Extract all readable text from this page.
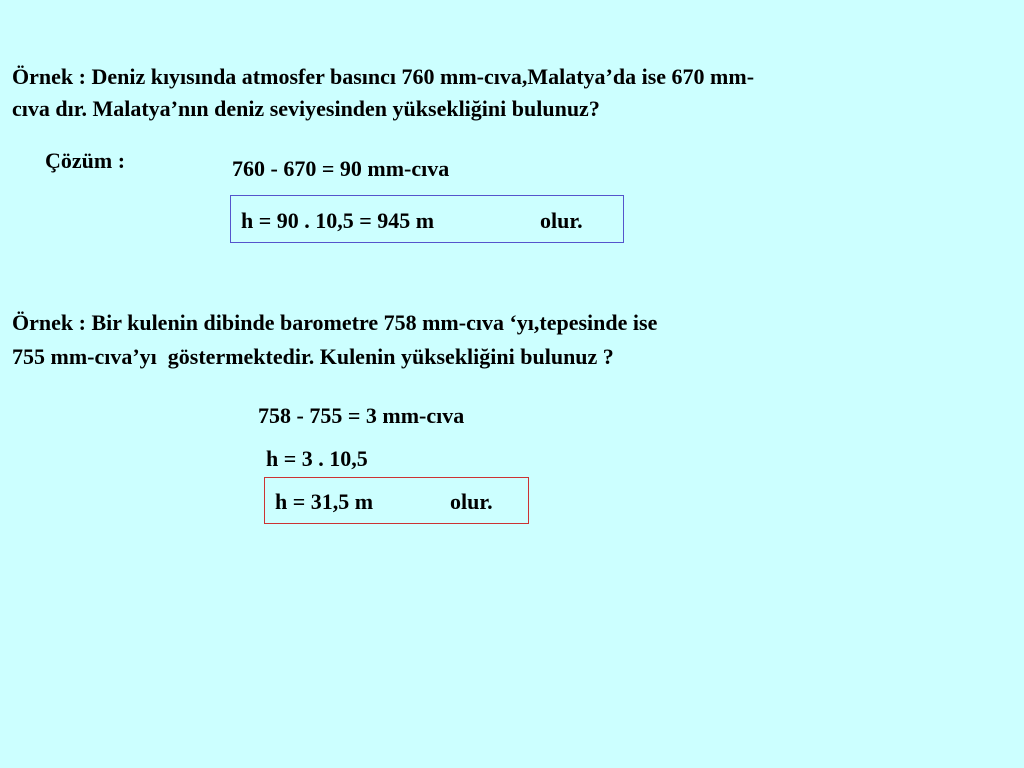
Örnek : Deniz kıyısında atmosfer basıncı 760 mm-cıva,Malatya’da ise 670 mm-
cıva dır. Malatya’nın deniz seviyesinden yüksekliğini bulunuz?
Çözüm :	760 - 670 = 90 mm-cıva
h = 90 . 10,5 = 945 m	olur.
Örnek : Bir kulenin dibinde barometre 758 mm-cıva ‘yı,tepesinde ise
755 mm-cıva’yı  göstermektedir. Kulenin yüksekliğini bulunuz ?
758 - 755 = 3 mm-cıva
h = 3 . 10,5
h = 31,5 m	olur.
